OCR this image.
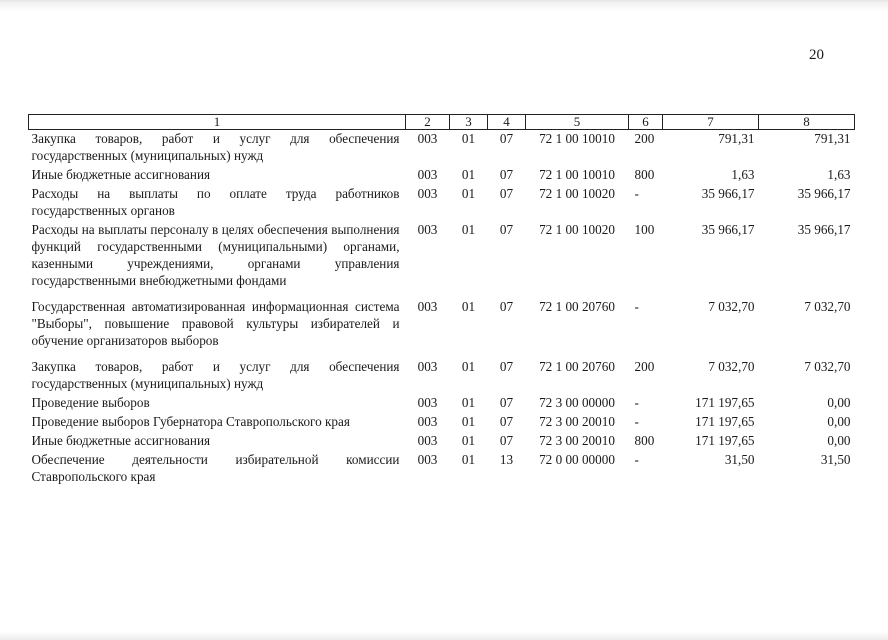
20
1	2	3	4	5	6	7	8
Закупка товаров, работ и услуг для обеспечения государственных (муниципальных) нужд	003	01	07	72 1 00 10010	200	791,31	791,31
Иные бюджетные ассигнования	003	01	07	72 1 00 10010	800	1,63	1,63
Расходы на выплаты по оплате труда работников государственных органов	003	01	07	72 1 00 10020	-	35 966,17	35 966,17
Расходы на выплаты персоналу в целях обеспечения выполнения функций государственными (муниципальными) органами, казенными учреждениями, органами управления государственными внебюджетными фондами	003	01	07	72 1 00 10020	100	35 966,17	35 966,17
Государственная автоматизированная информационная система "Выборы", повышение правовой культуры избирателей и обучение организаторов выборов	003	01	07	72 1 00 20760	-	7 032,70	7 032,70
Закупка товаров, работ и услуг для обеспечения государственных (муниципальных) нужд	003	01	07	72 1 00 20760	200	7 032,70	7 032,70
Проведение выборов	003	01	07	72 3 00 00000	-	171 197,65	0,00
Проведение выборов Губернатора Ставропольского края	003	01	07	72 3 00 20010	-	171 197,65	0,00
Иные бюджетные ассигнования	003	01	07	72 3 00 20010	800	171 197,65	0,00
Обеспечение деятельности избирательной комиссии Ставропольского края	003	01	13	72 0 00 00000	-	31,50	31,50
